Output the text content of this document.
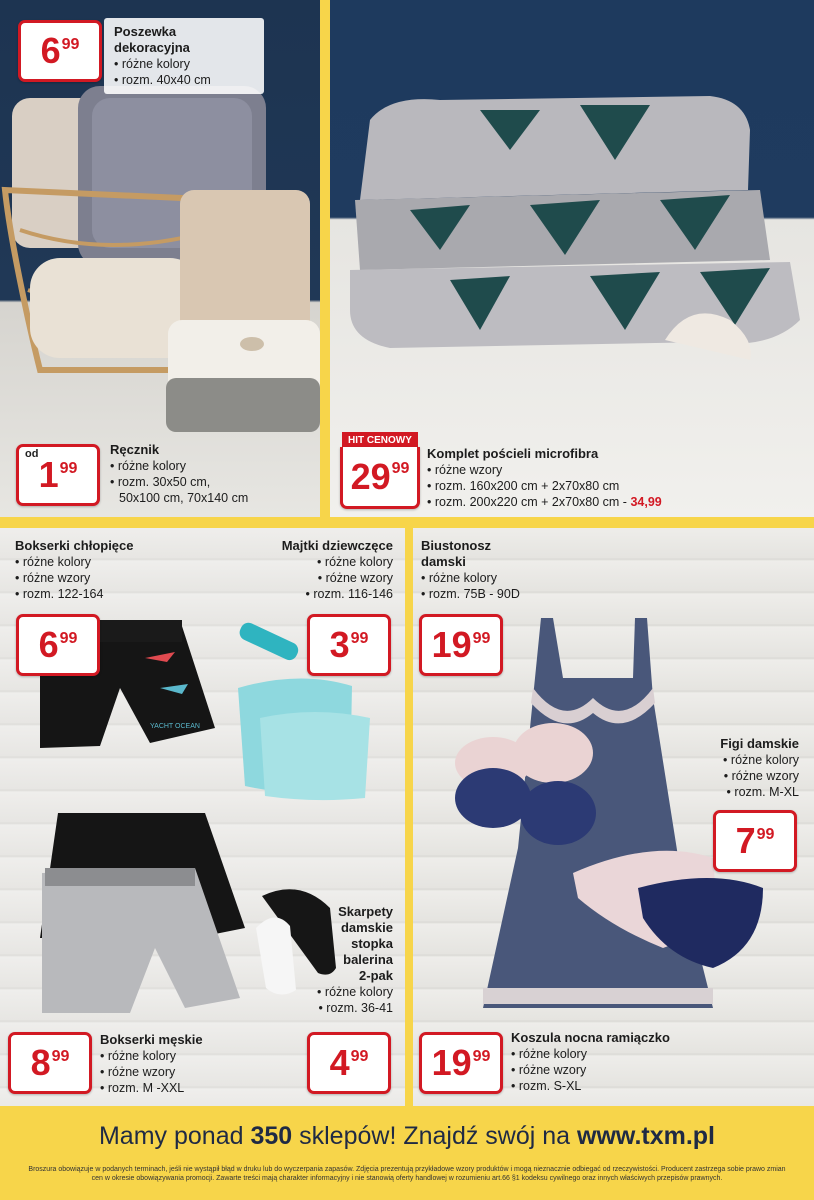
Poszewka dekoracyjna
• różne kolory
• rozm. 40x40 cm
6 99
od 1 99
Ręcznik
• różne kolory
• rozm. 30x50 cm,
50x100 cm, 70x140 cm
HIT CENOWY
29 99
Komplet pościeli microfibra
• różne wzory
• rozm. 160x200 cm + 2x70x80 cm
• rozm. 200x220 cm + 2x70x80 cm - 34,99
YACHT OCEAN
Bokserki chłopięce
• różne kolory
• różne wzory
• rozm. 122-164
6 99
Majtki dziewczęce
• różne kolory
• różne wzory
• rozm. 116-146
3 99
Skarpety
damskie
stopka
balerina
2-pak
• różne kolory
• rozm. 36-41
4 99
8 99
Bokserki męskie
• różne kolory
• różne wzory
• rozm. M -XXL
Biustonosz
damski
• różne kolory
• rozm. 75B - 90D
19 99
Figi damskie
• różne kolory
• różne wzory
• rozm. M-XL
7 99
19 99
Koszula nocna ramiączko
• różne kolory
• różne wzory
• rozm. S-XL
Mamy ponad 350 sklepów! Znajdź swój na www.txm.pl
Broszura obowiązuje w podanych terminach, jeśli nie wystąpił błąd w druku lub do wyczerpania zapasów. Zdjęcia prezentują przykładowe wzory produktów i mogą nieznacznie odbiegać od rzeczywistości. Producent zastrzega sobie prawo zmian cen w okresie obowiązywania promocji. Zawarte treści mają charakter informacyjny i nie stanowią oferty handlowej w rozumieniu art.66 §1 kodeksu cywilnego oraz innych właściwych przepisów prawnych.
